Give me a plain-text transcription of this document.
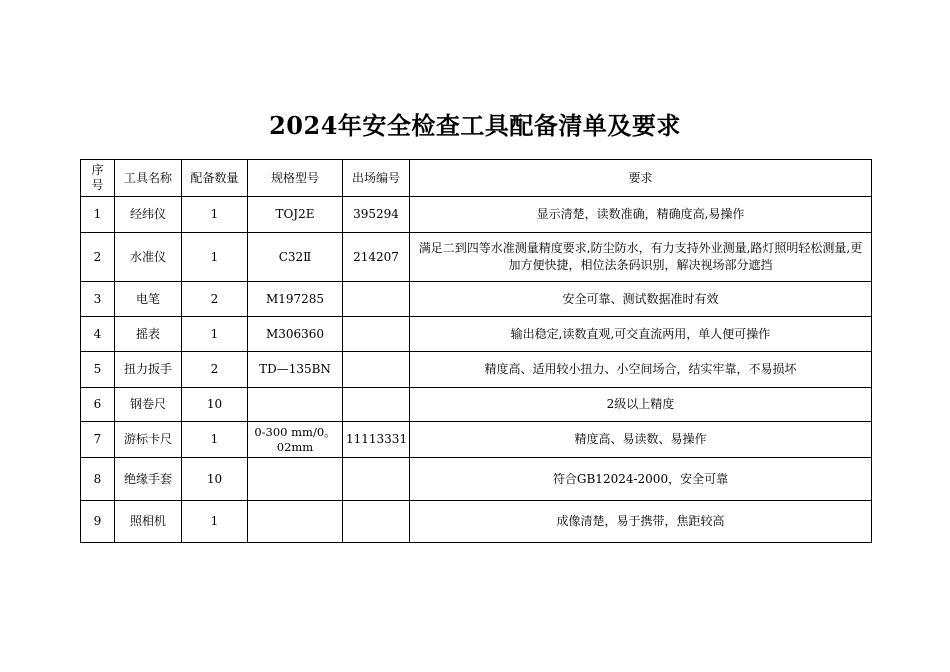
2024年安全检查工具配备清单及要求
序号	工具名称	配备数量	规格型号	出场编号	要求
1	经纬仪	1	TOJ2E	395294	显示清楚，读数准确，精确度高,易操作
2	水准仪	1	C32Ⅱ	214207	满足二到四等水准测量精度要求,防尘防水，有力支持外业测量,路灯照明轻松测量,更加方便快捷，相位法条码识别，解决视场部分遮挡
3	电笔	2	M197285		安全可靠、测试数据准时有效
4	摇表	1	M306360		输出稳定,读数直观,可交直流两用，单人便可操作
5	扭力扳手	2	TD—135BN		精度高、适用较小扭力、小空间场合，结实牢靠，不易损坏
6	钢卷尺	10			2级以上精度
7	游标卡尺	1	0-300 mm/0。02mm	11113331	精度高、易读数、易操作
8	绝缘手套	10			符合GB12024-2000，安全可靠
9	照相机	1			成像清楚，易于携带，焦距较高
